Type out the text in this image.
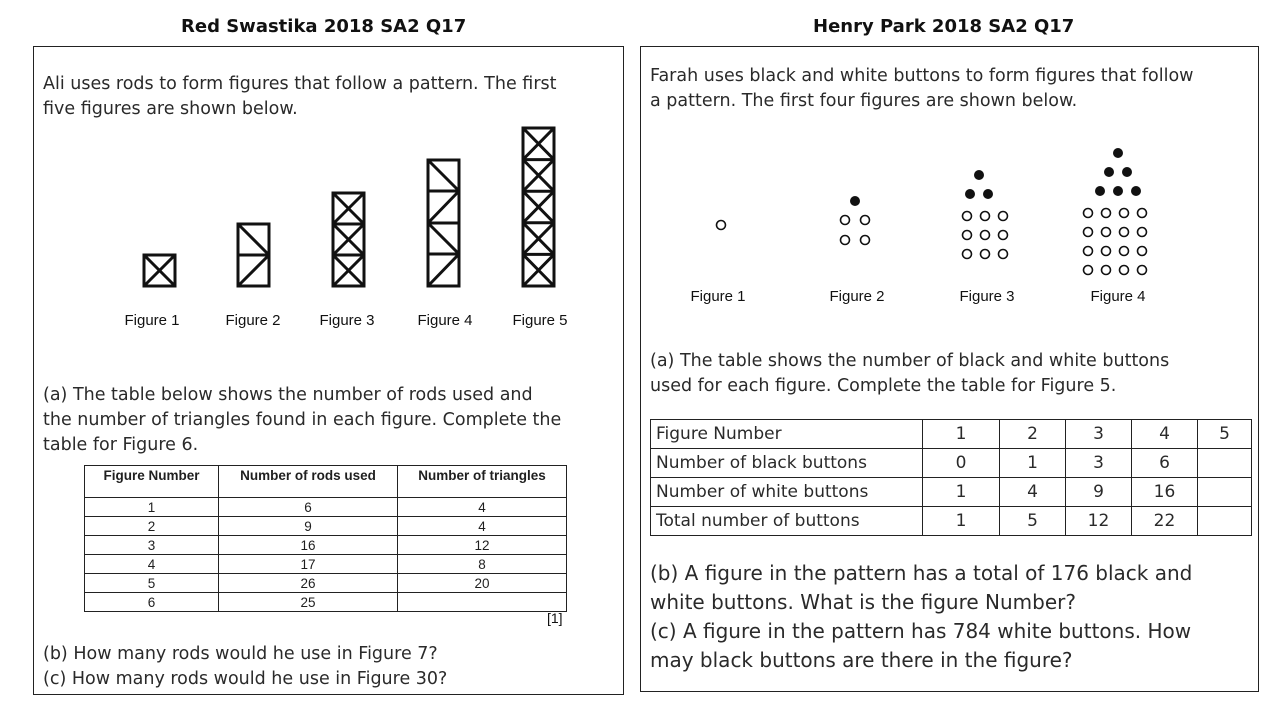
Red Swastika 2018 SA2 Q17	Henry Park 2018 SA2 Q17
Ali uses rods to form figures that follow a pattern. The first
five figures are shown below.
Figure 1	Figure 2	Figure 3	Figure 4	Figure 5
(a) The table below shows the number of rods used and
the number of triangles found in each figure. Complete the
table for Figure 6.
Figure Number	Number of rods used	Number of triangles
1	6	4
2	9	4
3	16	12
4	17	8
5	26	20
6	25	
[1]
(b) How many rods would he use in Figure 7?
(c) How many rods would he use in Figure 30?
Farah uses black and white buttons to form figures that follow
a pattern. The first four figures are shown below.
Figure 1	Figure 2	Figure 3	Figure 4
(a) The table shows the number of black and white buttons
used for each figure. Complete the table for Figure 5.
Figure Number	1	2	3	4	5
Number of black buttons	0	1	3	6	
Number of white buttons	1	4	9	16	
Total number of buttons	1	5	12	22	
(b) A figure in the pattern has a total of 176 black and
white buttons. What is the figure Number?
(c) A figure in the pattern has 784 white buttons. How
may black buttons are there in the figure?
